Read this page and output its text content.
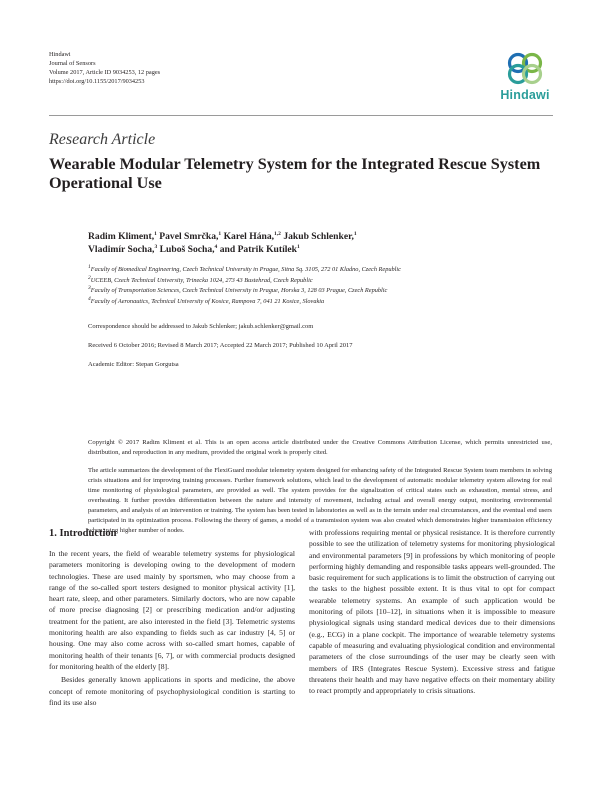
Hindawi
Journal of Sensors
Volume 2017, Article ID 9034253, 12 pages
https://doi.org/10.1155/2017/9034253
Hindawi
Research Article
Wearable Modular Telemetry System for the Integrated Rescue System Operational Use
Radim Kliment,$^1$ Pavel Smrčka,$^1$ Karel Hána,$^{1,2}$ Jakub Schlenker,$^1$
Vladimír Socha,$^3$ Luboš Socha,$^4$ and Patrik Kutílek$^1$
$^1$Faculty of Biomedical Engineering, Czech Technical University in Prague, Sitna Sq. 3105, 272 01 Kladno, Czech Republic
$^2$UCEEB, Czech Technical University, Trinecka 1024, 273 43 Bustehrad, Czech Republic
$^3$Faculty of Transportation Sciences, Czech Technical University in Prague, Horska 3, 128 03 Prague, Czech Republic
$^4$Faculty of Aeronautics, Technical University of Kosice, Rampova 7, 041 21 Kosice, Slovakia
Correspondence should be addressed to Jakub Schlenker; jakub.schlenker@gmail.com
Received 6 October 2016; Revised 8 March 2017; Accepted 22 March 2017; Published 10 April 2017
Academic Editor: Stepan Gorgutsa
Copyright © 2017 Radim Kliment et al. This is an open access article distributed under the Creative Commons Attribution License, which permits unrestricted use, distribution, and reproduction in any medium, provided the original work is properly cited.
The article summarizes the development of the FlexiGuard modular telemetry system designed for enhancing safety of the Integrated Rescue System team members in solving crisis situations and for improving training processes. Further framework solutions, which lead to the development of automatic modular telemetry system allowing for real time monitoring of physiological parameters, are provided as well. The system provides for the signalization of critical states such as exhaustion, mental stress, and overheating. It further provides differentiation between the nature and intensity of movement, including actual and overall energy output, monitoring environmental parameters, and analysis of an intervention or training. The system has been tested in laboratories as well as in the terrain under real circumstances, and the eventual end users participated in its optimization process. Following the theory of games, a model of a transmission system was also created which demonstrates higher transmission efficiency when using higher number of nodes.
1. Introduction

In the recent years, the field of wearable telemetry systems for physiological parameters monitoring is developing owing to the development of modern technologies. These are used mainly by sportsmen, who may choose from a range of the so-called sport testers designed to monitor physical activity [1], heart rate, sleep, and other parameters. Similarly doctors, who are now capable of more precise diagnosing [2] or prescribing medication and/or adjusting treatment for the patient, are also interested in the field [3]. Telemetric systems monitoring health are also expanding to fields such as car industry [4, 5] or housing. One may also come across with so-called smart homes, capable of monitoring health of their tenants [6, 7], or with commercial products designed for monitoring health of the elderly [8].

Besides generally known applications in sports and medicine, the above concept of remote monitoring of psychophysiological condition is starting to find its use also

with professions requiring mental or physical resistance. It is therefore currently possible to see the utilization of telemetry systems for monitoring physiological and environmental parameters [9] in professions by which monitoring of people performing highly demanding and responsible tasks appears well-grounded. The basic requirement for such applications is to limit the obstruction of carrying out the tasks to the highest possible extent. It is thus vital to opt for compact wearable telemetry systems. An example of such application would be monitoring of pilots [10–12], in situations when it is impossible to measure physiological signals using standard medical devices due to their dimensions (e.g., ECG) in a plane cockpit. The importance of wearable telemetry systems capable of measuring and evaluating physiological condition and environmental parameters of the close surroundings of the user may be clearly seen with members of IRS (Integrates Rescue System). Excessive stress and fatigue threatens their health and may have negative effects on their momentary ability to react promptly and appropriately to crisis situations.
